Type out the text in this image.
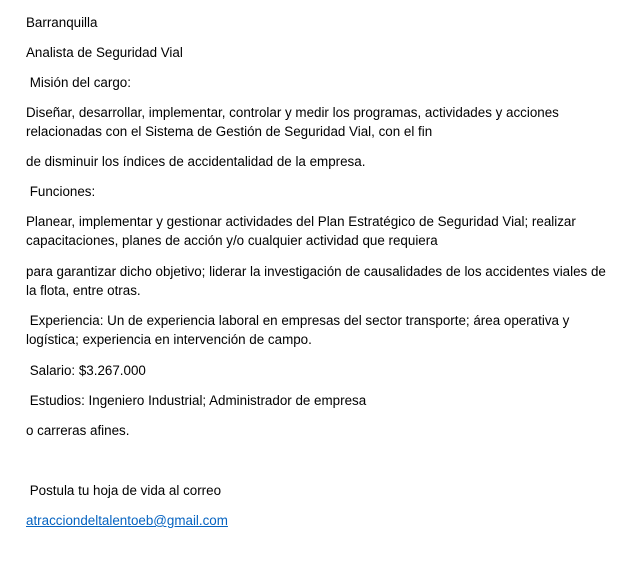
Barranquilla
Analista de Seguridad Vial
Misión del cargo:
Diseñar, desarrollar, implementar, controlar y medir los programas, actividades y acciones relacionadas con el Sistema de Gestión de Seguridad Vial, con el fin
de disminuir los índices de accidentalidad de la empresa.
Funciones:
Planear, implementar y gestionar actividades del Plan Estratégico de Seguridad Vial; realizar capacitaciones, planes de acción y/o cualquier actividad que requiera
para garantizar dicho objetivo; liderar la investigación de causalidades de los accidentes viales de la flota, entre otras.
Experiencia: Un de experiencia laboral en empresas del sector transporte; área operativa y logística; experiencia en intervención de campo.
Salario: $3.267.000
Estudios: Ingeniero Industrial; Administrador de empresa
o carreras afines.
Postula tu hoja de vida al correo
atracciondeltalentoeb@gmail.com
